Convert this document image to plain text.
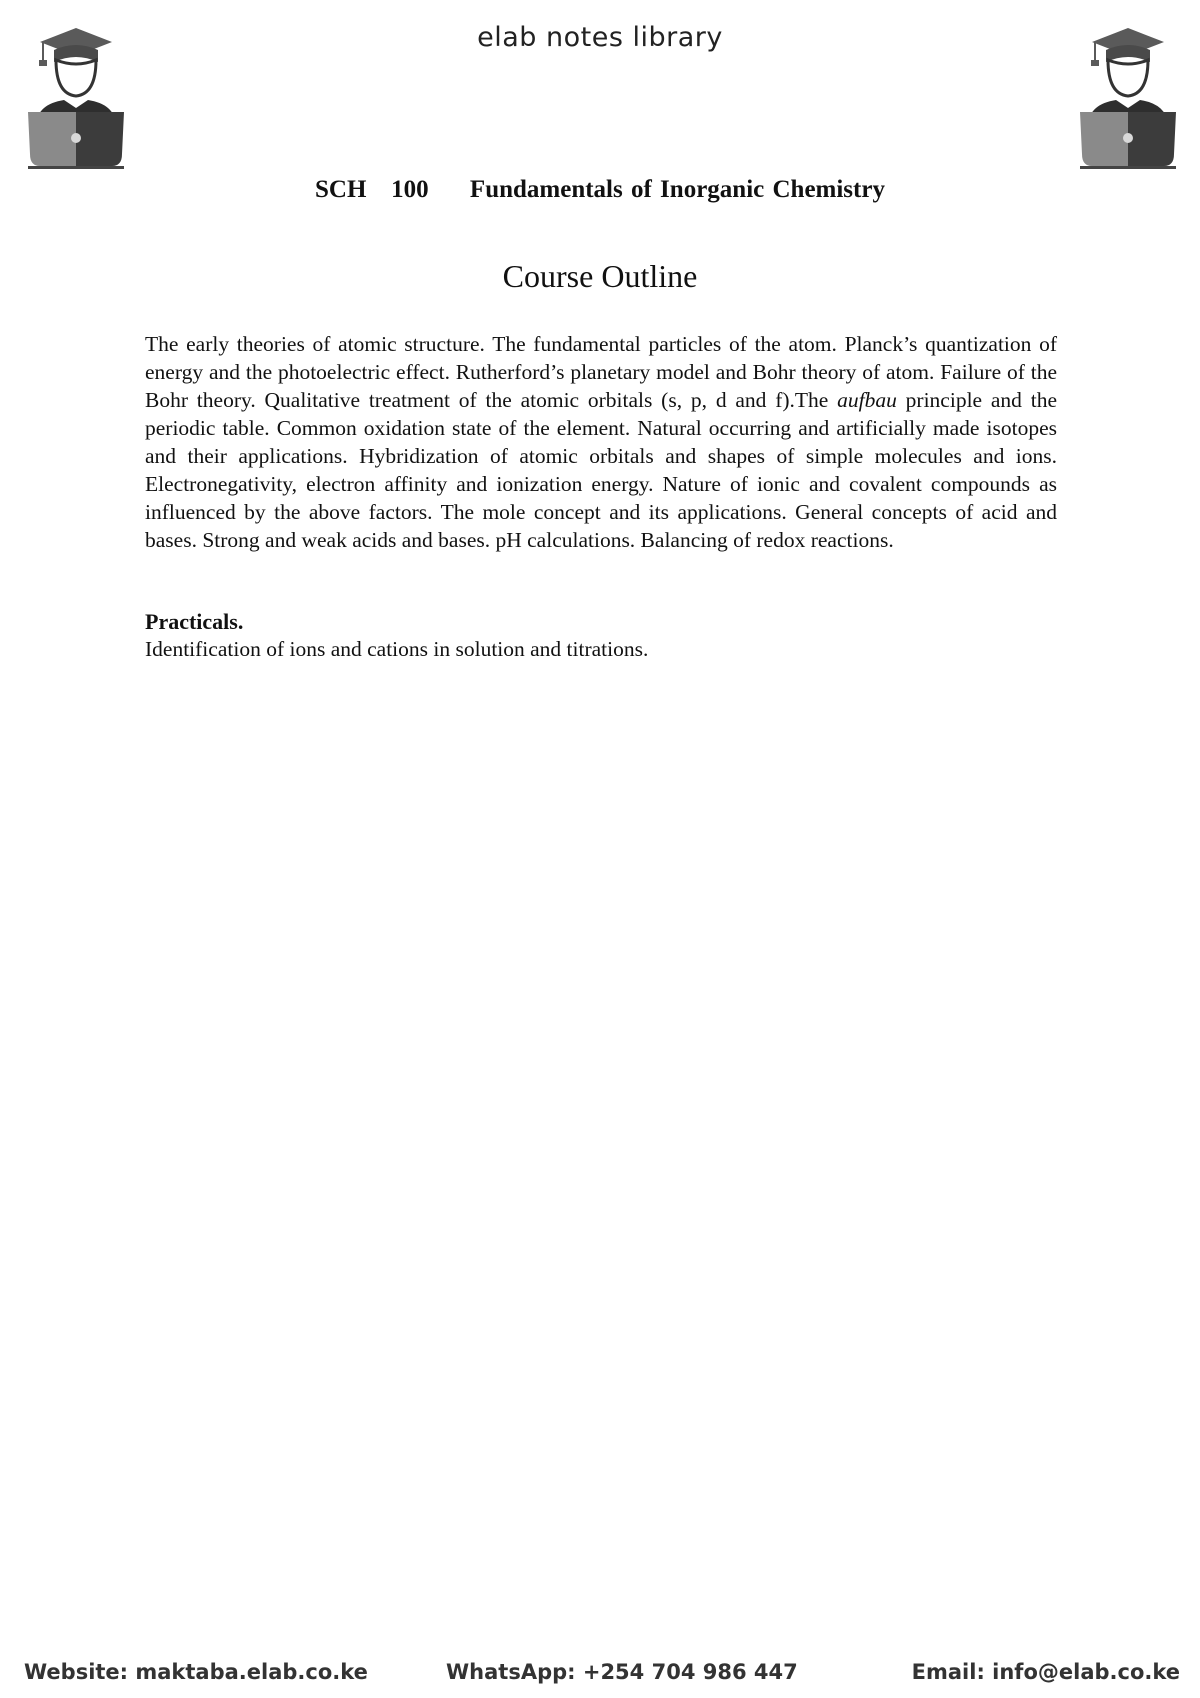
elab notes library
SCH   100 Fundamentals of Inorganic Chemistry
Course Outline
The early theories of atomic structure. The fundamental particles of the atom. Planck’s quantization of energy and the photoelectric effect. Rutherford’s planetary model and Bohr theory of atom. Failure of the Bohr theory. Qualitative treatment of the atomic orbitals (s, p, d and f).The aufbau principle and the periodic table. Common oxidation state of the element. Natural occurring and artificially made isotopes and their applications. Hybridization of atomic orbitals and shapes of simple molecules and ions. Electronegativity, electron affinity and ionization energy. Nature of ionic and covalent compounds as influenced by the above factors. The mole concept and its applications. General concepts of acid and bases. Strong and weak acids and bases. pH calculations. Balancing of redox reactions.
Practicals.
Identification of ions and cations in solution and titrations.
Website: maktaba.elab.co.ke	WhatsApp: +254 704 986 447	Email: info@elab.co.ke
